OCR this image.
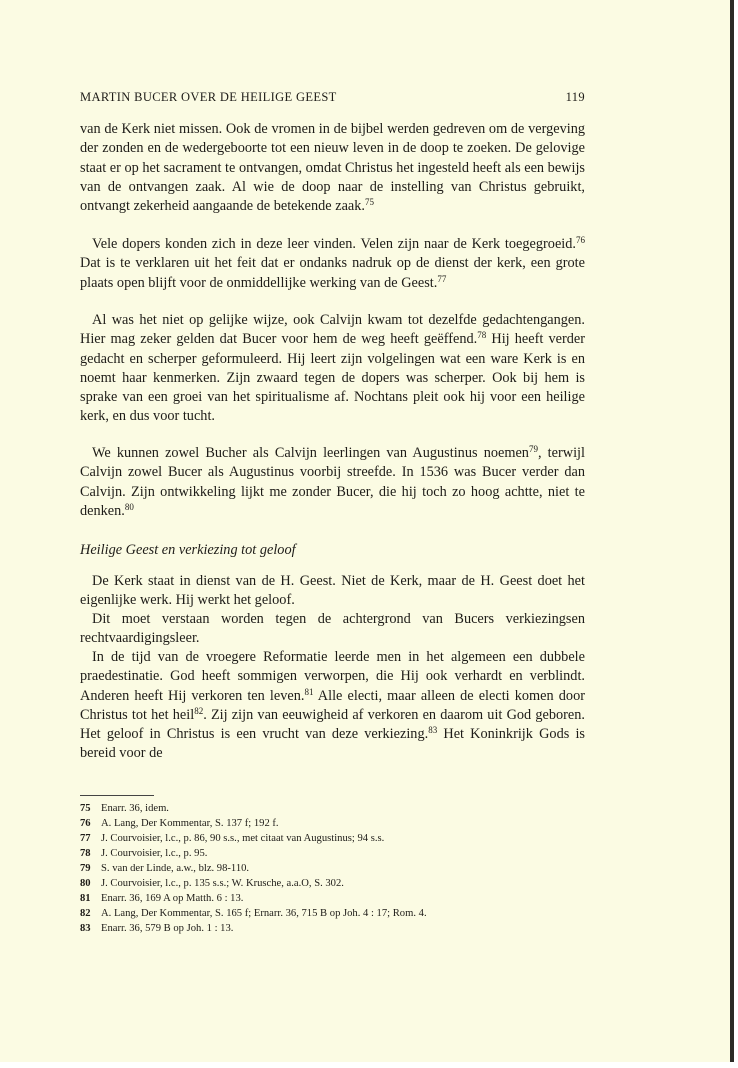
MARTIN BUCER OVER DE HEILIGE GEEST	119
van de Kerk niet missen. Ook de vromen in de bijbel werden gedreven om de vergeving der zonden en de wedergeboorte tot een nieuw leven in de doop te zoeken. De gelovige staat er op het sacrament te ontvangen, omdat Christus het ingesteld heeft als een bewijs van de ontvangen zaak. Al wie de doop naar de instelling van Christus gebruikt, ontvangt zekerheid aangaande de betekende zaak.$^{75}$
Vele dopers konden zich in deze leer vinden. Velen zijn naar de Kerk toegegroeid.$^{76}$ Dat is te verklaren uit het feit dat er ondanks nadruk op de dienst der kerk, een grote plaats open blijft voor de onmiddellijke werking van de Geest.$^{77}$
Al was het niet op gelijke wijze, ook Calvijn kwam tot dezelfde gedachtengangen. Hier mag zeker gelden dat Bucer voor hem de weg heeft geëffend.$^{78}$ Hij heeft verder gedacht en scherper geformuleerd. Hij leert zijn volgelingen wat een ware Kerk is en noemt haar kenmerken. Zijn zwaard tegen de dopers was scherper. Ook bij hem is sprake van een groei van het spiritualisme af. Nochtans pleit ook hij voor een heilige kerk, en dus voor tucht.
We kunnen zowel Bucher als Calvijn leerlingen van Augustinus noemen$^{79}$, terwijl Calvijn zowel Bucer als Augustinus voorbij streefde. In 1536 was Bucer verder dan Calvijn. Zijn ontwikkeling lijkt me zonder Bucer, die hij toch zo hoog achtte, niet te denken.$^{80}$
Heilige Geest en verkiezing tot geloof
De Kerk staat in dienst van de H. Geest. Niet de Kerk, maar de H. Geest doet het eigenlijke werk. Hij werkt het geloof.
Dit moet verstaan worden tegen de achtergrond van Bucers verkiezingsen rechtvaardigingsleer.
In de tijd van de vroegere Reformatie leerde men in het algemeen een dubbele praedestinatie. God heeft sommigen verworpen, die Hij ook verhardt en verblindt. Anderen heeft Hij verkoren ten leven.$^{81}$ Alle electi, maar alleen de electi komen door Christus tot het heil$^{82}$. Zij zijn van eeuwigheid af verkoren en daarom uit God geboren. Het geloof in Christus is een vrucht van deze verkiezing.$^{83}$ Het Koninkrijk Gods is bereid voor de
75 Enarr. 36, idem.
76 A. Lang, Der Kommentar, S. 137 f; 192 f.
77 J. Courvoisier, l.c., p. 86, 90 s.s., met citaat van Augustinus; 94 s.s.
78 J. Courvoisier, l.c., p. 95.
79 S. van der Linde, a.w., blz. 98-110.
80 J. Courvoisier, l.c., p. 135 s.s.; W. Krusche, a.a.O, S. 302.
81 Enarr. 36, 169 A op Matth. 6 : 13.
82 A. Lang, Der Kommentar, S. 165 f; Ernarr. 36, 715 B op Joh. 4 : 17; Rom. 4.
83 Enarr. 36, 579 B op Joh. 1 : 13.
